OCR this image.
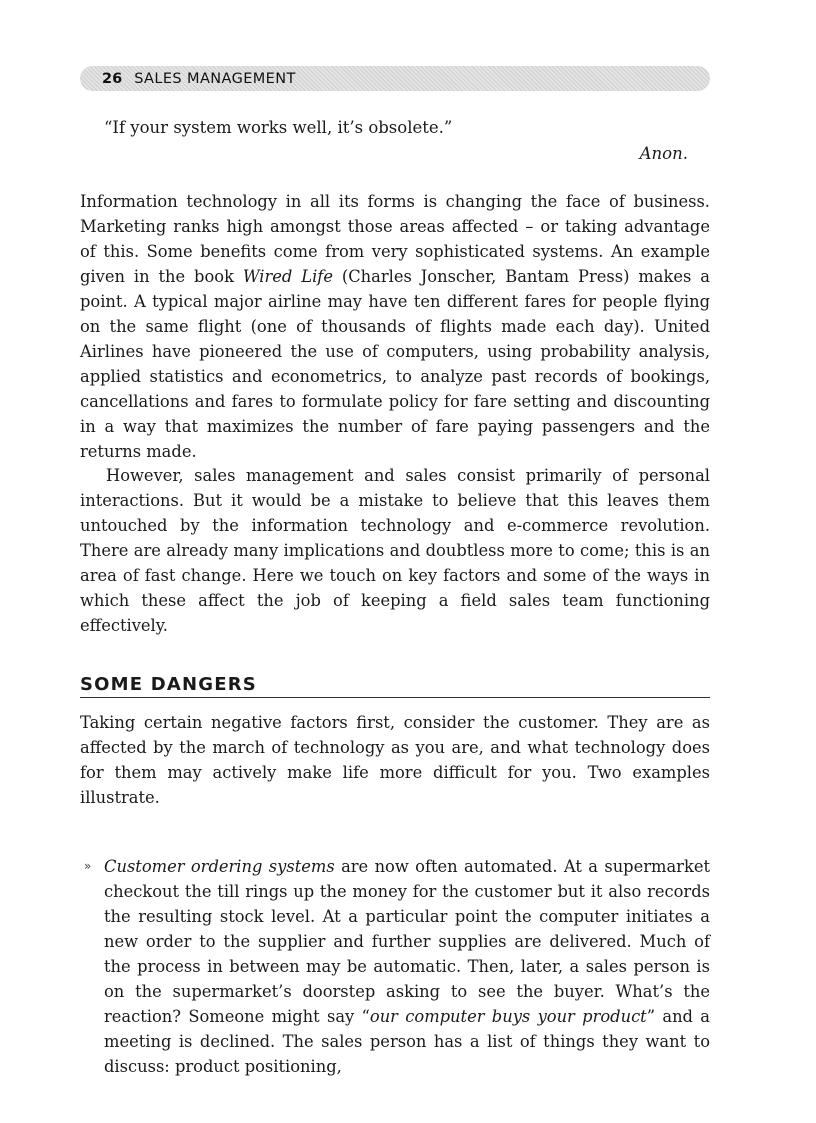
26 SALES MANAGEMENT

“If your system works well, it’s obsolete.”

Anon.

Information technology in all its forms is changing the face of business. Marketing ranks high amongst those areas affected – or taking advantage of this. Some benefits come from very sophisticated systems. An example given in the book Wired Life (Charles Jonscher, Bantam Press) makes a point. A typical major airline may have ten different fares for people flying on the same flight (one of thousands of flights made each day). United Airlines have pioneered the use of computers, using probability analysis, applied statistics and econometrics, to analyze past records of bookings, cancellations and fares to formulate policy for fare setting and discounting in a way that maximizes the number of fare paying passengers and the returns made.

However, sales management and sales consist primarily of personal interactions. But it would be a mistake to believe that this leaves them untouched by the information technology and e-commerce revolution. There are already many implications and doubtless more to come; this is an area of fast change. Here we touch on key factors and some of the ways in which these affect the job of keeping a field sales team functioning effectively.

SOME DANGERS

Taking certain negative factors first, consider the customer. They are as affected by the march of technology as you are, and what technology does for them may actively make life more difficult for you. Two examples illustrate.

» Customer ordering systems are now often automated. At a supermarket checkout the till rings up the money for the customer but it also records the resulting stock level. At a particular point the computer initiates a new order to the supplier and further supplies are delivered. Much of the process in between may be automatic. Then, later, a sales person is on the supermarket’s doorstep asking to see the buyer. What’s the reaction? Someone might say “our computer buys your product” and a meeting is declined. The sales person has a list of things they want to discuss: product positioning,
